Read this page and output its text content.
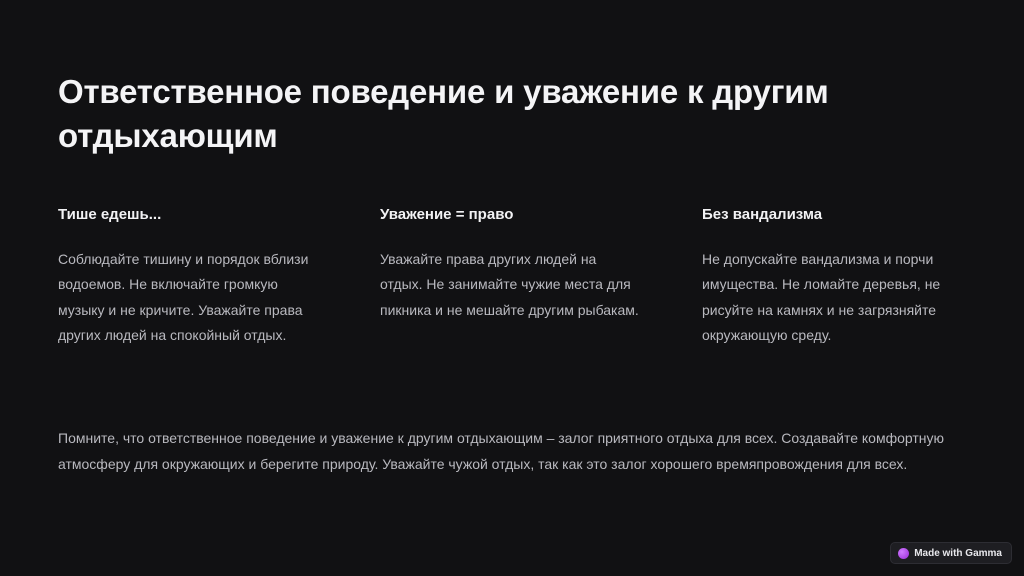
Ответственное поведение и уважение к другим отдыхающим
Тише едешь...

Соблюдайте тишину и порядок вблизи водоемов. Не включайте громкую музыку и не кричите. Уважайте права других людей на спокойный отдых.

Уважение = право

Уважайте права других людей на отдых. Не занимайте чужие места для пикника и не мешайте другим рыбакам.

Без вандализма

Не допускайте вандализма и порчи имущества. Не ломайте деревья, не рисуйте на камнях и не загрязняйте окружающую среду.

Помните, что ответственное поведение и уважение к другим отдыхающим – залог приятного отдыха для всех. Создавайте комфортную атмосферу для окружающих и берегите природу. Уважайте чужой отдых, так как это залог хорошего времяпровождения для всех.
Made with Gamma
